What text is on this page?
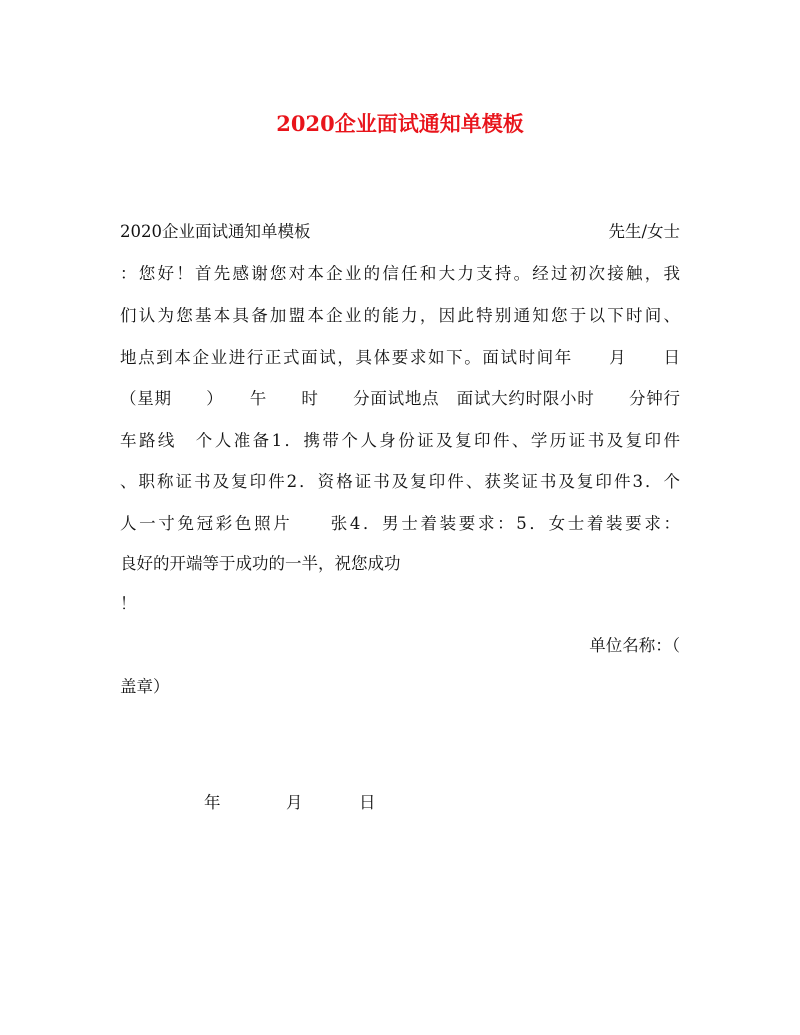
2020企业面试通知单模板
2020企业面试通知单模板	先生/女士
：您好！首先感谢您对本企业的信任和大力支持。经过初次接触，我
们认为您基本具备加盟本企业的能力，因此特别通知您于以下时间、
地点到本企业进行正式面试，具体要求如下。面试时间年　　月　　日
（星期　　）　　午　　时　　分面试地点　面试大约时限小时　　分钟行
车路线　个人准备1．携带个人身份证及复印件、学历证书及复印件
、职称证书及复印件2．资格证书及复印件、获奖证书及复印件3．个
人一寸免冠彩色照片　　张4．男士着装要求：5．女士着装要求：
良好的开端等于成功的一半，祝您成功
！
单位名称：（
盖章）
年	月	日
